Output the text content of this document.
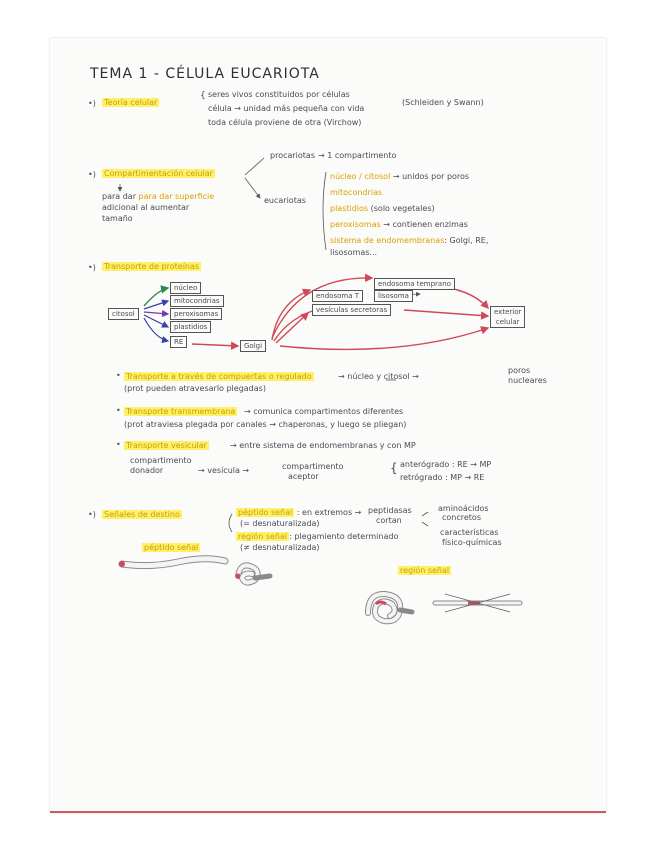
TEMA 1 - CÉLULA EUCARIOTA
•) Teoría celular
{ seres vivos constituidos por células
célula → unidad más pequeña con vida
toda célula proviene de otra (Virchow)
(Schleiden y Swann)
•) Compartimentación celular
procariotas → 1 compartimento
eucariotas
para dar para dar superficie
adicional al aumentar
tamaño
núcleo / citosol → unidos por poros
mitocondrias
plastidios (solo vegetales)
peroxisomas → contienen enzimas
sistema de endomembranas: Golgi, RE,
lisosomas...
•) Transporte de proteínas
citosol
núcleo
mitocondrias
peroxisomas
plastidios
RE	Golgi
endosoma T
endosoma temprano
lisosoma
vesículas secretoras	exterior
celular
• Transporte a través de compuertas o regulado	→ núcleo y citosol →
poros
nucleares
(prot pueden atravesarlo plegadas)
• Transporte transmembrana → comunica compartimentos diferentes
(prot atraviesa plegada por canales → chaperonas, y luego se pliegan)
• Transporte vesicular	→ entre sistema de endomembranas y con MP
compartimento
donador	→ vesícula →	compartimento
aceptor
{ anterógrado : RE → MP
retrógrado : MP → RE
•) Señales de destino	péptido señal : en extremos → peptidasas
cortan
aminoácidos
concretos
(= desnaturalizada)
región señal : plegamiento determinado
(≠ desnaturalizada)
características
físico-químicas
péptido señal
región señal
